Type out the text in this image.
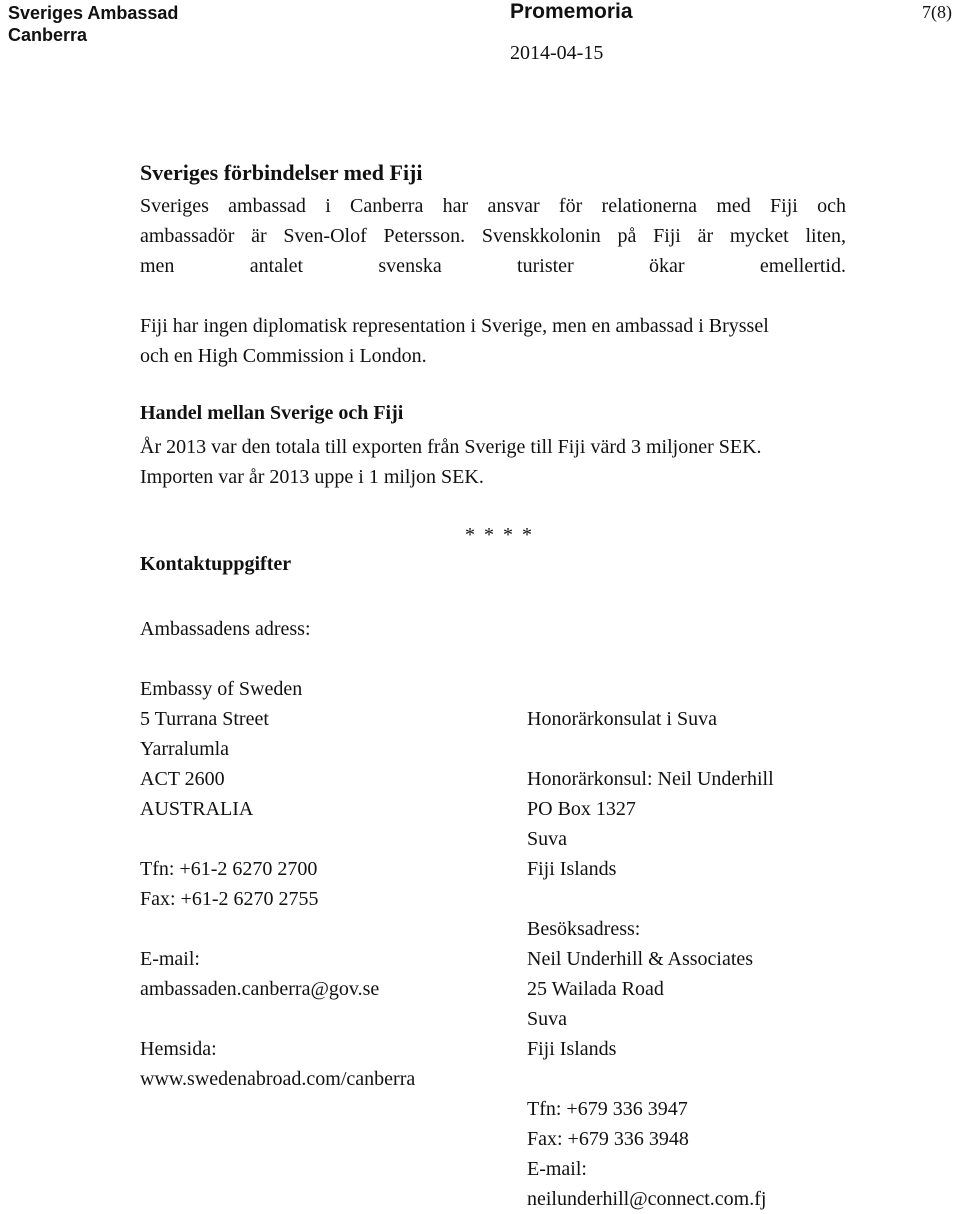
Sveriges Ambassad
Canberra
Promemoria	7(8)
2014-04-15
Sveriges förbindelser med Fiji
Sveriges ambassad i Canberra har ansvar för relationerna med Fiji och
ambassadör är Sven-Olof Petersson. Svenskkolonin på Fiji är mycket liten,
men antalet svenska turister ökar emellertid.
Fiji har ingen diplomatisk representation i Sverige, men en ambassad i Bryssel
och en High Commission i London.
Handel mellan Sverige och Fiji
År 2013 var den totala till exporten från Sverige till Fiji värd 3 miljoner SEK.
Importen var år 2013 uppe i 1 miljon SEK.
* * * *
Kontaktuppgifter
Ambassadens adress:
Embassy of Sweden
5 Turrana Street
Yarralumla
ACT 2600
AUSTRALIA
Tfn: +61-2 6270 2700
Fax: +61-2 6270 2755
E-mail:
ambassaden.canberra@gov.se
Hemsida:
www.swedenabroad.com/canberra
Honorärkonsulat i Suva
Honorärkonsul: Neil Underhill
PO Box 1327
Suva
Fiji Islands
Besöksadress:
Neil Underhill & Associates
25 Wailada Road
Suva
Fiji Islands
Tfn: +679 336 3947
Fax: +679 336 3948
E-mail:
neilunderhill@connect.com.fj
